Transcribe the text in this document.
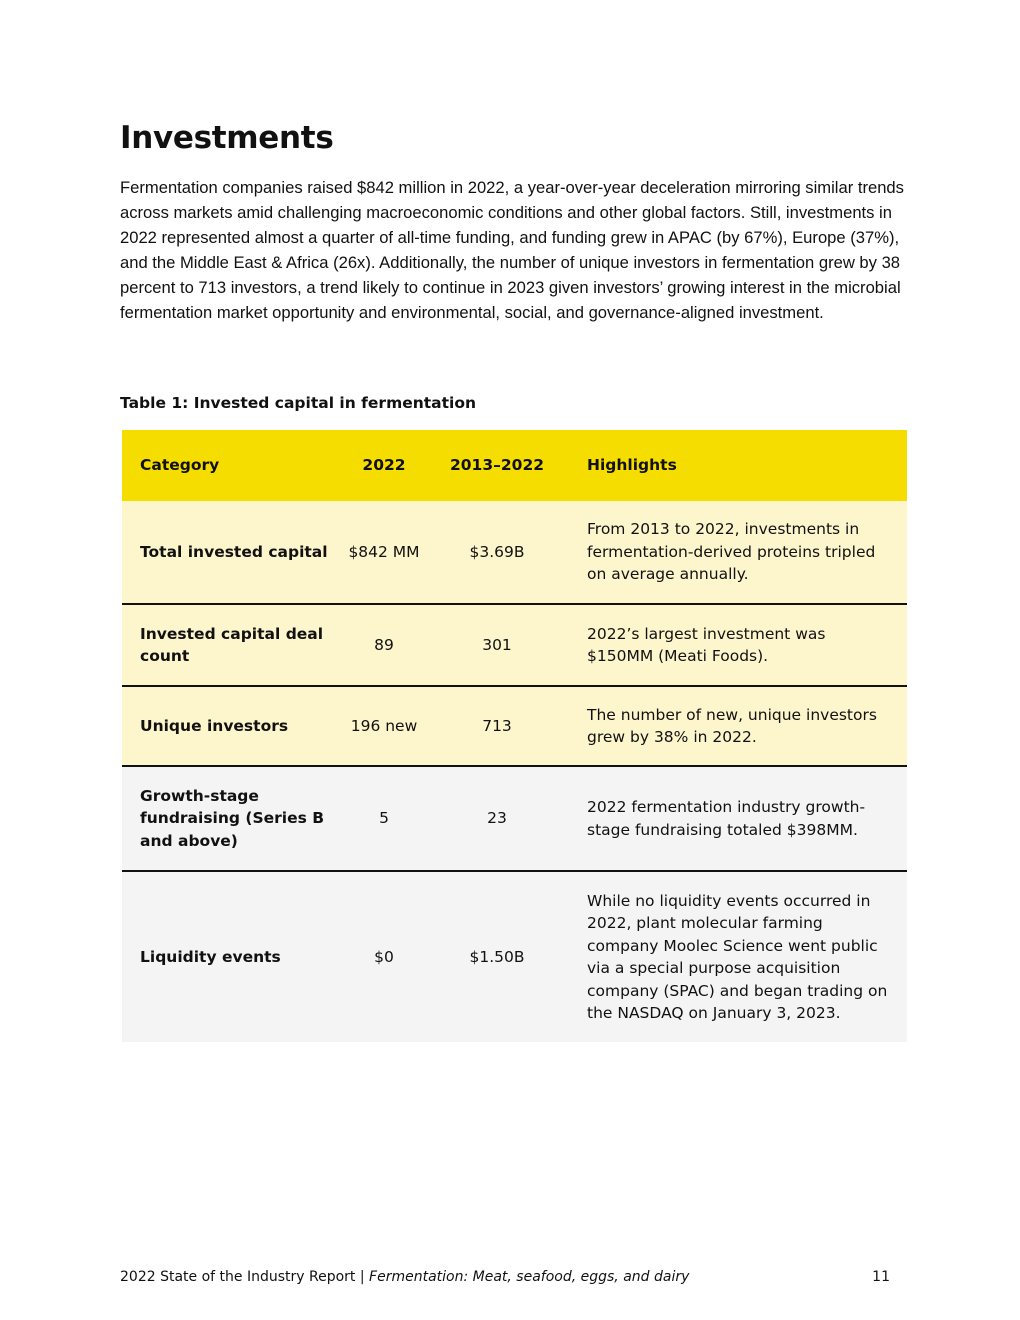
Investments

Fermentation companies raised $842 million in 2022, a year-over-year deceleration mirroring similar trends across markets amid challenging macroeconomic conditions and other global factors. Still, investments in 2022 represented almost a quarter of all-time funding, and funding grew in APAC (by 67%), Europe (37%), and the Middle East & Africa (26x). Additionally, the number of unique investors in fermentation grew by 38 percent to 713 investors, a trend likely to continue in 2023 given investors’ growing interest in the microbial fermentation market opportunity and environmental, social, and governance-aligned investment.

Table 1: Invested capital in fermentation

Category	2022	2013–2022	Highlights
Total invested capital	$842 MM	$3.69B	From 2013 to 2022, investments in fermentation-derived proteins tripled on average annually.
Invested capital deal count	89	301	2022’s largest investment was $150MM (Meati Foods).
Unique investors	196 new	713	The number of new, unique investors grew by 38% in 2022.
Growth-stage fundraising (Series B and above)	5	23	2022 fermentation industry growth-stage fundraising totaled $398MM.
Liquidity events	$0	$1.50B	While no liquidity events occurred in 2022, plant molecular farming company Moolec Science went public via a special purpose acquisition company (SPAC) and began trading on the NASDAQ on January 3, 2023.
2022 State of the Industry Report | Fermentation: Meat, seafood, eggs, and dairy	11
